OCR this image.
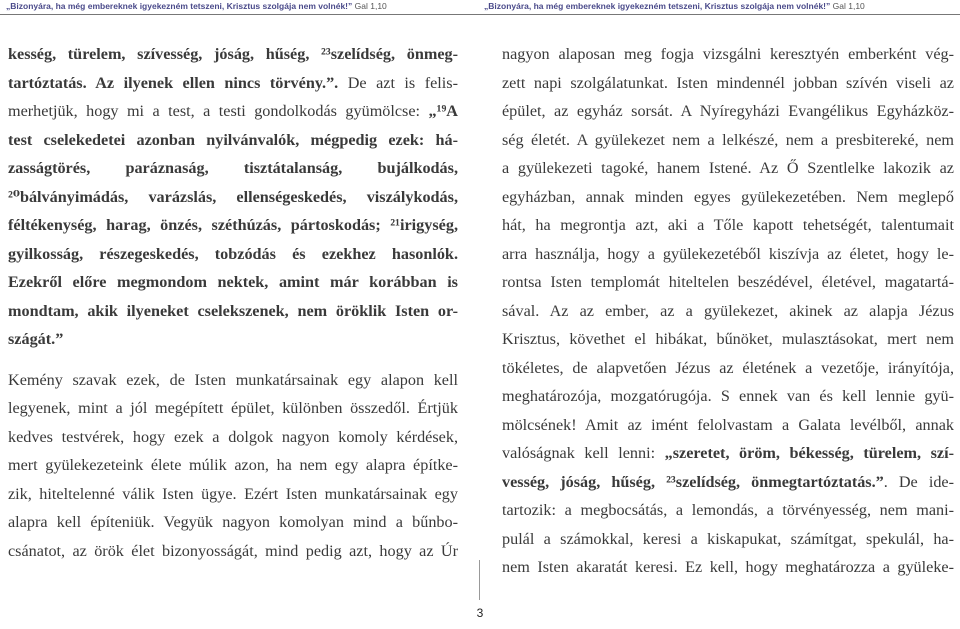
„Bizonyára, ha még embereknek igyekezném tetszeni, Krisztus szolgája nem volnék!” Gal 1,10	„Bizonyára, ha még embereknek igyekezném tetszeni, Krisztus szolgája nem volnék!” Gal 1,10
kesség, türelem, szívesség, jóság, hűség, ²³szelídség, önmeg-
tartóztatás. Az ilyenek ellen nincs törvény.”. De azt is felis-
merhetjük, hogy mi a test, a testi gondolkodás gyümölcse: „¹⁹A
test cselekedetei azonban nyilvánvalók, mégpedig ezek: há-
zasságtörés, paráznaság, tisztátalanság, bujálkodás,
²⁰bálványimádás, varázslás, ellenségeskedés, viszálykodás,
féltékenység, harag, önzés, széthúzás, pártoskodás; ²¹irigység,
gyilkosság, részegeskedés, tobzódás és ezekhez hasonlók.
Ezekről előre megmondom nektek, amint már korábban is
mondtam, akik ilyeneket cselekszenek, nem öröklik Isten or-
szágát.”
Kemény szavak ezek, de Isten munkatársainak egy alapon kell
legyenek, mint a jól megépített épület, különben összedől. Értjük
kedves testvérek, hogy ezek a dolgok nagyon komoly kérdések,
mert gyülekezeteink élete múlik azon, ha nem egy alapra építke-
zik, hiteltelenné válik Isten ügye. Ezért Isten munkatársainak egy
alapra kell építeniük. Vegyük nagyon komolyan mind a bűnbo-
csánatot, az örök élet bizonyosságát, mind pedig azt, hogy az Úr
nagyon alaposan meg fogja vizsgálni keresztyén emberként vég-
zett napi szolgálatunkat. Isten mindennél jobban szívén viseli az
épület, az egyház sorsát. A Nyíregyházi Evangélikus Egyházköz-
ség életét. A gyülekezet nem a lelkészé, nem a presbitereké, nem
a gyülekezeti tagoké, hanem Istené. Az Ő Szentlelke lakozik az
egyházban, annak minden egyes gyülekezetében. Nem meglepő
hát, ha megrontja azt, aki a Tőle kapott tehetségét, talentumait
arra használja, hogy a gyülekezetéből kiszívja az életet, hogy le-
rontsa Isten templomát hiteltelen beszédével, életével, magatartá-
sával. Az az ember, az a gyülekezet, akinek az alapja Jézus
Krisztus, követhet el hibákat, bűnöket, mulasztásokat, mert nem
tökéletes, de alapvetően Jézus az életének a vezetője, irányítója,
meghatározója, mozgatórugója. S ennek van és kell lennie gyü-
mölcsének! Amit az imént felolvastam a Galata levélből, annak
valóságnak kell lenni: „szeretet, öröm, békesség, türelem, szí-
vesség, jóság, hűség, ²³szelídség, önmegtartóztatás.”. De ide-
tartozik: a megbocsátás, a lemondás, a törvényesség, nem mani-
pulál a számokkal, keresi a kiskapukat, számítgat, spekulál, ha-
nem Isten akaratát keresi. Ez kell, hogy meghatározza a gyüleke-
3
